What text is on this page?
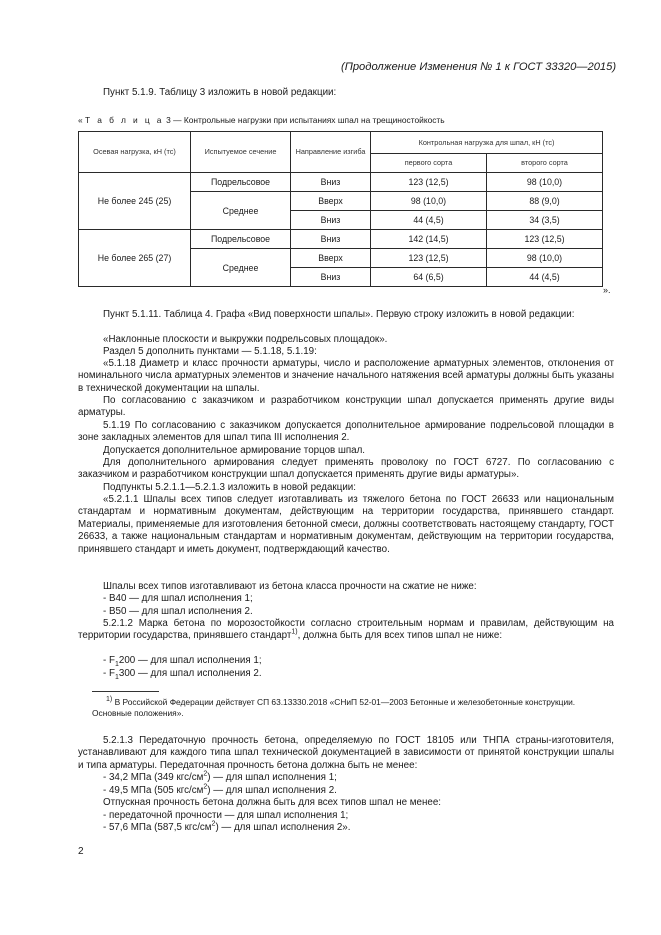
(Продолжение Изменения № 1 к ГОСТ 33320—2015)
Пункт 5.1.9. Таблицу 3 изложить в новой редакции:
«Т а б л и ц а 3 — Контрольные нагрузки при испытаниях шпал на трещиностойкость
Осевая нагрузка, кН (тс)	Испытуемое сечение	Направление изгиба	Контрольная нагрузка для шпал, кН (тс)	
			первого сорта	второго сорта
Не более 245 (25)	Подрельсовое	Вниз	123 (12,5)	98 (10,0)
	Среднее	Вверх	98 (10,0)	88 (9,0)
		Вниз	44 (4,5)	34 (3,5)
Не более 265 (27)	Подрельсовое	Вниз	142 (14,5)	123 (12,5)
	Среднее	Вверх	123 (12,5)	98 (10,0)
		Вниз	64 (6,5)	44 (4,5)
».
Пункт 5.1.11. Таблица 4. Графа «Вид поверхности шпалы». Первую строку изложить в новой редакции:
«Наклонные плоскости и выкружки подрельсовых площадок».
Раздел 5 дополнить пунктами — 5.1.18, 5.1.19:
«5.1.18 Диаметр и класс прочности арматуры, число и расположение арматурных элементов, отклонения от номинального числа арматурных элементов и значение начального натяжения всей арматуры должны быть указаны в технической документации на шпалы.
По согласованию с заказчиком и разработчиком конструкции шпал допускается применять другие виды арматуры.
5.1.19 По согласованию с заказчиком допускается дополнительное армирование подрельсовой площадки в зоне закладных элементов для шпал типа III исполнения 2.
Допускается дополнительное армирование торцов шпал.
Для дополнительного армирования следует применять проволоку по ГОСТ 6727. По согласованию с заказчиком и разработчиком конструкции шпал допускается применять другие виды арматуры».
Подпункты 5.2.1.1—5.2.1.3 изложить в новой редакции:
«5.2.1.1 Шпалы всех типов следует изготавливать из тяжелого бетона по ГОСТ 26633 или национальным стандартам и нормативным документам, действующим на территории государства, принявшего стандарт. Материалы, применяемые для изготовления бетонной смеси, должны соответствовать настоящему стандарту, ГОСТ 26633, а также национальным стандартам и нормативным документам, действующим на территории государства, принявшего стандарт и иметь документ, подтверждающий качество.
Шпалы всех типов изготавливают из бетона класса прочности на сжатие не ниже:
- В40 — для шпал исполнения 1;
- В50 — для шпал исполнения 2.
5.2.1.2 Марка бетона по морозостойкости согласно строительным нормам и правилам, действующим на территории государства, принявшего стандарт$^{1)}$, должна быть для всех типов шпал не ниже:
- $F_1200$ — для шпал исполнения 1;
- $F_1300$ — для шпал исполнения 2.
$^{1)}$ В Российской Федерации действует СП 63.13330.2018 «СНиП 52-01—2003 Бетонные и железобетонные конструкции. Основные положения».
5.2.1.3 Передаточную прочность бетона, определяемую по ГОСТ 18105 или ТНПА страны-изготовителя, устанавливают для каждого типа шпал технической документацией в зависимости от принятой конструкции шпалы и типа арматуры. Передаточная прочность бетона должна быть не менее:
- 34,2 МПа (349 кгс/$см^2$) — для шпал исполнения 1;
- 49,5 МПа (505 кгс/$см^2$) — для шпал исполнения 2.
Отпускная прочность бетона должна быть для всех типов шпал не менее:
- передаточной прочности — для шпал исполнения 1;
- 57,6 МПа (587,5 кгс/$см^2$) — для шпал исполнения 2».
2
